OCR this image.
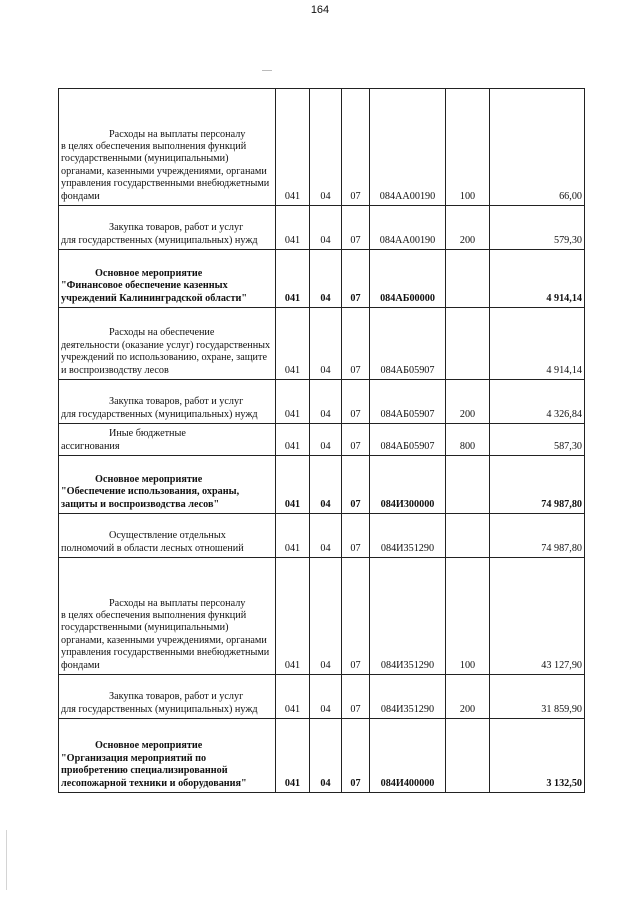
164
Расходы на выплаты персоналу
в целях обеспечения выполнения функций государственными (муниципальными) органами, казенными учреждениями, органами управления государственными внебюджетными фондами	041	04	07	084АА00190	100	66,00

Закупка товаров, работ и услуг
для государственных (муниципальных) нужд	041	04	07	084АА00190	200	579,30

Основное мероприятие
"Финансовое обеспечение казенных учреждений Калининградской области"	041	04	07	084АБ00000		4 914,14

Расходы на обеспечение
деятельности (оказание услуг) государственных учреждений по использованию, охране, защите и воспроизводству лесов	041	04	07	084АБ05907		4 914,14

Закупка товаров, работ и услуг
для государственных (муниципальных) нужд	041	04	07	084АБ05907	200	4 326,84

Иные бюджетные
ассигнования	041	04	07	084АБ05907	800	587,30

Основное мероприятие
"Обеспечение использования, охраны, защиты и воспроизводства лесов"	041	04	07	084И300000		74 987,80

Осуществление отдельных
полномочий в области лесных отношений	041	04	07	084И351290		74 987,80

Расходы на выплаты персоналу
в целях обеспечения выполнения функций государственными (муниципальными) органами, казенными учреждениями, органами управления государственными внебюджетными фондами	041	04	07	084И351290	100	43 127,90

Закупка товаров, работ и услуг
для государственных (муниципальных) нужд	041	04	07	084И351290	200	31 859,90

Основное мероприятие
"Организация мероприятий по приобретению специализированной лесопожарной техники и оборудования"	041	04	07	084И400000		3 132,50
